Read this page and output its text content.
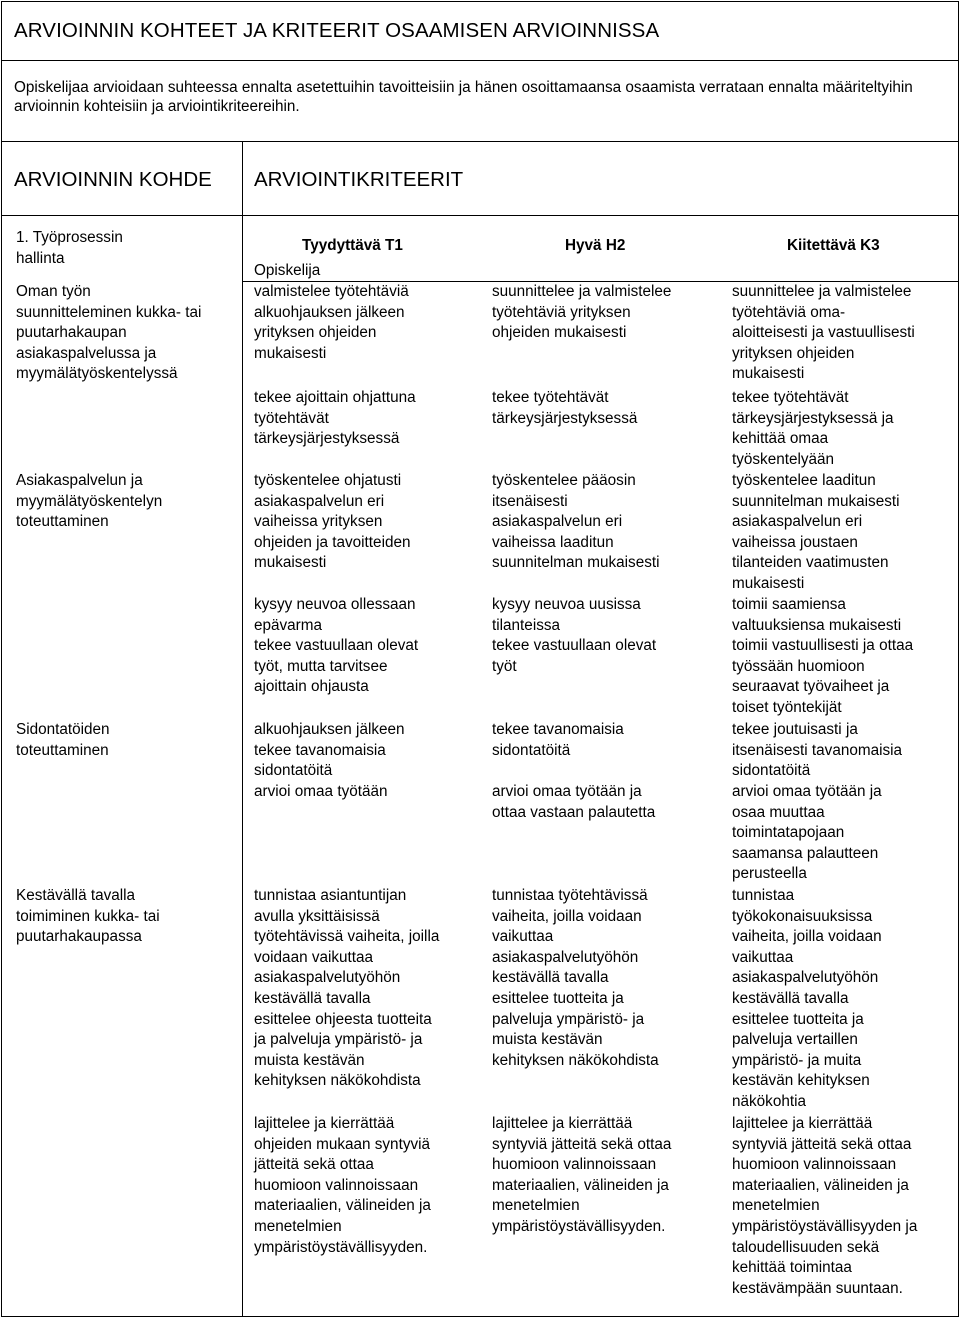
ARVIOINNIN KOHTEET JA KRITEERIT OSAAMISEN ARVIOINNISSA

Opiskelijaa arvioidaan suhteessa ennalta asetettuihin tavoitteisiin ja hänen osoittamaansa osaamista verrataan ennalta määriteltyihin arvioinnin kohteisiin ja arviointikriteereihin.

ARVIOINNIN KOHDE ARVIOINTIKRITEERIT
1. Työprosessin
hallinta
Tyydyttävä T1	Hyvä H2	Kiitettävä K3
Opiskelija
Oman työn
suunnitteleminen kukka- tai
puutarhakaupan
asiakaspalvelussa ja
myymälätyöskentelyssä
Asiakaspalvelun ja
myymälätyöskentelyn
toteuttaminen
Sidontatöiden
toteuttaminen
Kestävällä tavalla
toimiminen kukka- tai
puutarhakaupassa
valmistelee työtehtäviä
alkuohjauksen jälkeen
yrityksen ohjeiden
mukaisesti
tekee ajoittain ohjattuna
työtehtävät
tärkeysjärjestyksessä
työskentelee ohjatusti
asiakaspalvelun eri
vaiheissa yrityksen
ohjeiden ja tavoitteiden
mukaisesti
kysyy neuvoa ollessaan
epävarma
tekee vastuullaan olevat
työt, mutta tarvitsee
ajoittain ohjausta
alkuohjauksen jälkeen
tekee tavanomaisia
sidontatöitä
arvioi omaa työtään
tunnistaa asiantuntijan
avulla yksittäisissä
työtehtävissä vaiheita, joilla
voidaan vaikuttaa
asiakaspalvelutyöhön
kestävällä tavalla
esittelee ohjeesta tuotteita
ja palveluja ympäristö- ja
muista kestävän
kehityksen näkökohdista
lajittelee ja kierrättää
ohjeiden mukaan syntyviä
jätteitä sekä ottaa
huomioon valinnoissaan
materiaalien, välineiden ja
menetelmien
ympäristöystävällisyyden.
suunnittelee ja valmistelee
työtehtäviä yrityksen
ohjeiden mukaisesti
tekee työtehtävät
tärkeysjärjestyksessä
työskentelee pääosin
itsenäisesti
asiakaspalvelun eri
vaiheissa laaditun
suunnitelman mukaisesti
kysyy neuvoa uusissa
tilanteissa
tekee vastuullaan olevat
työt
tekee tavanomaisia
sidontatöitä
arvioi omaa työtään ja
ottaa vastaan palautetta
tunnistaa työtehtävissä
vaiheita, joilla voidaan
vaikuttaa
asiakaspalvelutyöhön
kestävällä tavalla
esittelee tuotteita ja
palveluja ympäristö- ja
muista kestävän
kehityksen näkökohdista
lajittelee ja kierrättää
syntyviä jätteitä sekä ottaa
huomioon valinnoissaan
materiaalien, välineiden ja
menetelmien
ympäristöystävällisyyden.
suunnittelee ja valmistelee
työtehtäviä oma-
aloitteisesti ja vastuullisesti
yrityksen ohjeiden
mukaisesti
tekee työtehtävät
tärkeysjärjestyksessä ja
kehittää omaa
työskentelyään
työskentelee laaditun
suunnitelman mukaisesti
asiakaspalvelun eri
vaiheissa joustaen
tilanteiden vaatimusten
mukaisesti
toimii saamiensa
valtuuksiensa mukaisesti
toimii vastuullisesti ja ottaa
työssään huomioon
seuraavat työvaiheet ja
toiset työntekijät
tekee joutuisasti ja
itsenäisesti tavanomaisia
sidontatöitä
arvioi omaa työtään ja
osaa muuttaa
toimintatapojaan
saamansa palautteen
perusteella
tunnistaa
työkokonaisuuksissa
vaiheita, joilla voidaan
vaikuttaa
asiakaspalvelutyöhön
kestävällä tavalla
esittelee tuotteita ja
palveluja vertaillen
ympäristö- ja muita
kestävän kehityksen
näkökohtia
lajittelee ja kierrättää
syntyviä jätteitä sekä ottaa
huomioon valinnoissaan
materiaalien, välineiden ja
menetelmien
ympäristöystävällisyyden ja
taloudellisuuden sekä
kehittää toimintaa
kestävämpään suuntaan.
